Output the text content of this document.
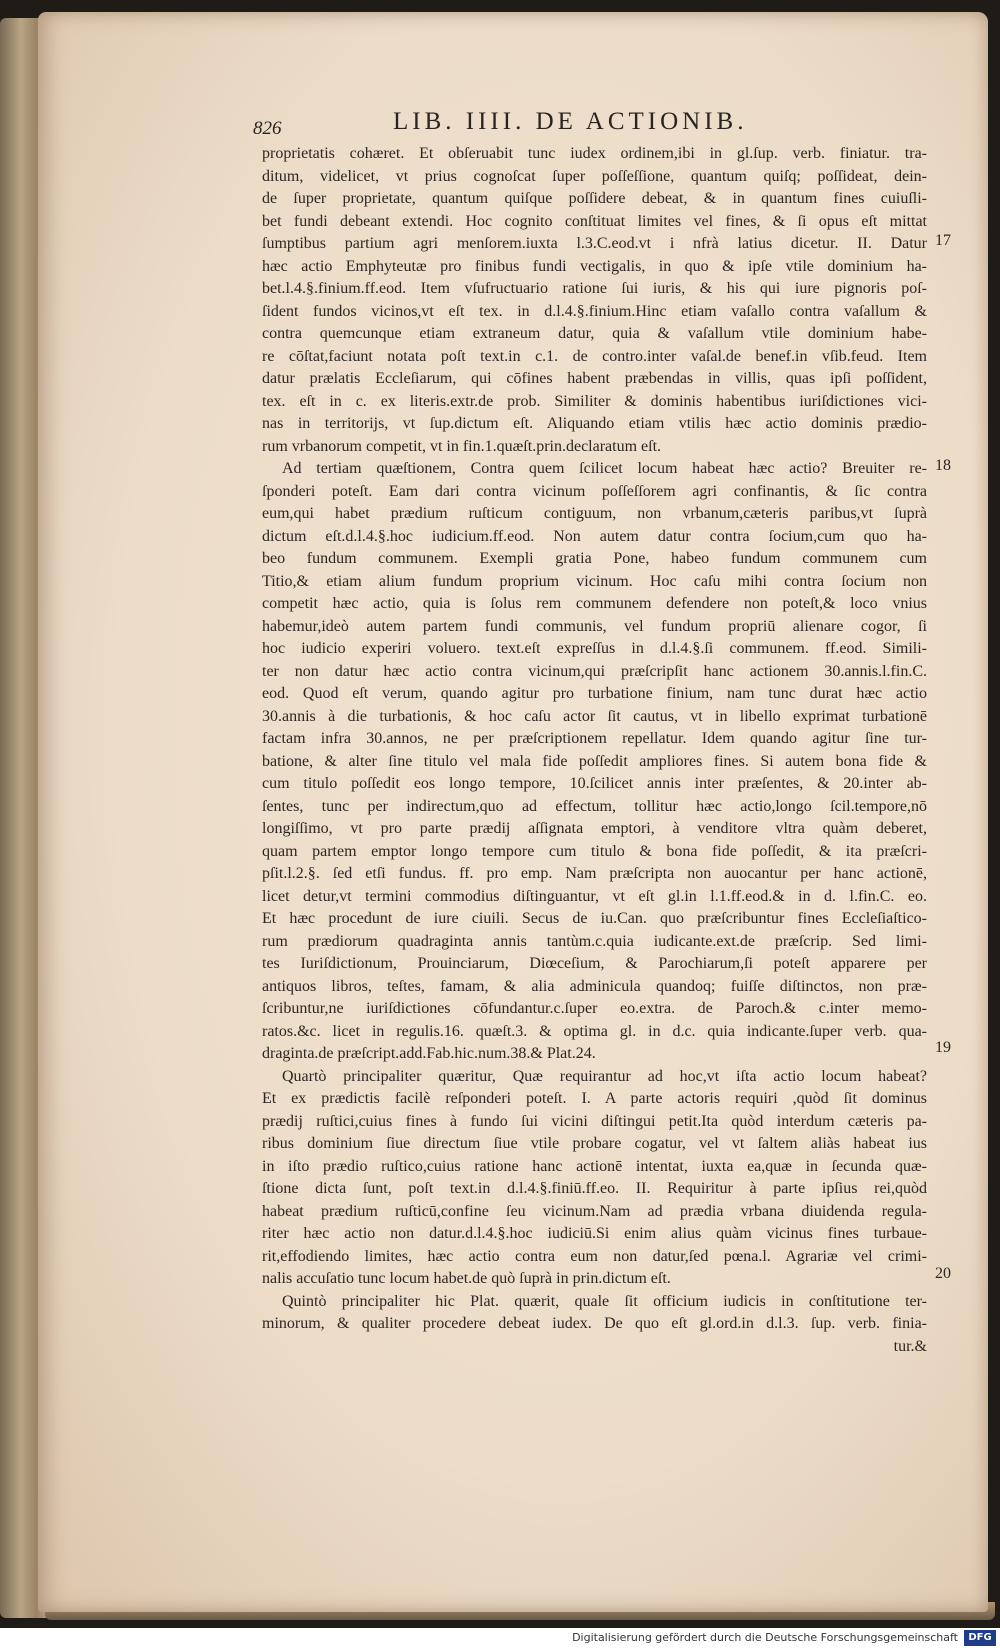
826	LIB. IIII. DE ACTIONIB.
proprietatis cohæret. Et obſeruabit tunc iudex ordinem,ibi in gl.ſup. verb. finiatur. tra-
ditum, videlicet, vt prius cognoſcat ſuper poſſeſſione, quantum quiſq; poſſideat, dein-
de ſuper proprietate, quantum quiſque poſſidere debeat, & in quantum fines cuiuſli-
bet fundi debeant extendi. Hoc cognito conſtituat limites vel fines, & ſi opus eſt mittat
ſumptibus partium agri menſorem.iuxta l.3.C.eod.vt i nfrà latius dicetur. II. Datur
hæc actio Emphyteutæ pro finibus fundi vectigalis, in quo & ipſe vtile dominium ha-
bet.l.4.§.finium.ff.eod. Item vſufructuario ratione ſui iuris, & his qui iure pignoris poſ-
ſident fundos vicinos,vt eſt tex. in d.l.4.§.finium.Hinc etiam vaſallo contra vaſallum &
contra quemcunque etiam extraneum datur, quia & vaſallum vtile dominium habe-
re cōſtat,faciunt notata poſt text.in c.1. de contro.inter vaſal.de benef.in vſib.feud. Item
datur prælatis Eccleſiarum, qui cōfines habent præbendas in villis, quas ipſi poſſident,
tex. eſt in c. ex literis.extr.de prob. Similiter & dominis habentibus iuriſdictiones vici-
nas in territorijs, vt ſup.dictum eſt. Aliquando etiam vtilis hæc actio dominis prædio-
rum vrbanorum competit, vt in fin.1.quæſt.prin.declaratum eſt.
Ad tertiam quæſtionem, Contra quem ſcilicet locum habeat hæc actio? Breuiter re-
ſponderi poteſt. Eam dari contra vicinum poſſeſſorem agri confinantis, & ſic contra
eum,qui habet prædium ruſticum contiguum, non vrbanum,cæteris paribus,vt ſuprà
dictum eſt.d.l.4.§.hoc iudicium.ff.eod. Non autem datur contra ſocium,cum quo ha-
beo fundum communem. Exempli gratia Pone, habeo fundum communem cum
Titio,& etiam alium fundum proprium vicinum. Hoc caſu mihi contra ſocium non
competit hæc actio, quia is ſolus rem communem defendere non poteſt,& loco vnius
habemur,ideò autem partem fundi communis, vel fundum propriū alienare cogor, ſi
hoc iudicio experiri voluero. text.eſt expreſſus in d.l.4.§.ſi communem. ff.eod. Simili-
ter non datur hæc actio contra vicinum,qui præſcripſit hanc actionem 30.annis.l.fin.C.
eod. Quod eſt verum, quando agitur pro turbatione finium, nam tunc durat hæc actio
30.annis à die turbationis, & hoc caſu actor ſit cautus, vt in libello exprimat turbationē
factam infra 30.annos, ne per præſcriptionem repellatur. Idem quando agitur ſine tur-
batione, & alter ſine titulo vel mala fide poſſedit ampliores fines. Si autem bona fide &
cum titulo poſſedit eos longo tempore, 10.ſcilicet annis inter præſentes, & 20.inter ab-
ſentes, tunc per indirectum,quo ad effectum, tollitur hæc actio,longo ſcil.tempore,nō
longiſſimo, vt pro parte prædij aſſignata emptori, à venditore vltra quàm deberet,
quam partem emptor longo tempore cum titulo & bona fide poſſedit, & ita præſcri-
pſit.l.2.§. ſed etſi fundus. ff. pro emp. Nam præſcripta non auocantur per hanc actionē,
licet detur,vt termini commodius diſtinguantur, vt eſt gl.in l.1.ff.eod.& in d. l.fin.C. eo.
Et hæc procedunt de iure ciuili. Secus de iu.Can. quo præſcribuntur fines Eccleſiaſtico-
rum prædiorum quadraginta annis tantùm.c.quia iudicante.ext.de præſcrip. Sed limi-
tes Iuriſdictionum, Prouinciarum, Diœceſium, & Parochiarum,ſi poteſt apparere per
antiquos libros, teſtes, famam, & alia adminicula quandoq; fuiſſe diſtinctos, non præ-
ſcribuntur,ne iuriſdictiones cōfundantur.c.ſuper eo.extra. de Paroch.& c.inter memo-
ratos.&c. licet in regulis.16. quæſt.3. & optima gl. in d.c. quia indicante.ſuper verb. qua-
draginta.de præſcript.add.Fab.hic.num.38.& Plat.24.
Quartò principaliter quæritur, Quæ requirantur ad hoc,vt iſta actio locum habeat?
Et ex prædictis facilè reſponderi poteſt. I. A parte actoris requiri ,quòd ſit dominus
prædij ruſtici,cuius fines à fundo ſui vicini diſtingui petit.Ita quòd interdum cæteris pa-
ribus dominium ſiue directum ſiue vtile probare cogatur, vel vt ſaltem aliàs habeat ius
in iſto prædio ruſtico,cuius ratione hanc actionē intentat, iuxta ea,quæ in ſecunda quæ-
ſtione dicta ſunt, poſt text.in d.l.4.§.finiū.ff.eo. II. Requiritur à parte ipſius rei,quòd
habeat prædium ruſticū,confine ſeu vicinum.Nam ad prædia vrbana diuidenda regula-
riter hæc actio non datur.d.l.4.§.hoc iudiciū.Si enim alius quàm vicinus fines turbaue-
rit,effodiendo limites, hæc actio contra eum non datur,ſed pœna.l. Agrariæ vel crimi-
nalis accuſatio tunc locum habet.de quò ſuprà in prin.dictum eſt.
Quintò principaliter hic Plat. quærit, quale ſit officium iudicis in conſtitutione ter-
minorum, & qualiter procedere debeat iudex. De quo eſt gl.ord.in d.l.3. ſup. verb. finia-
tur.&
17
18
19
20
Digitalisierung gefördert durch die Deutsche Forschungsgemeinschaft	DFG
